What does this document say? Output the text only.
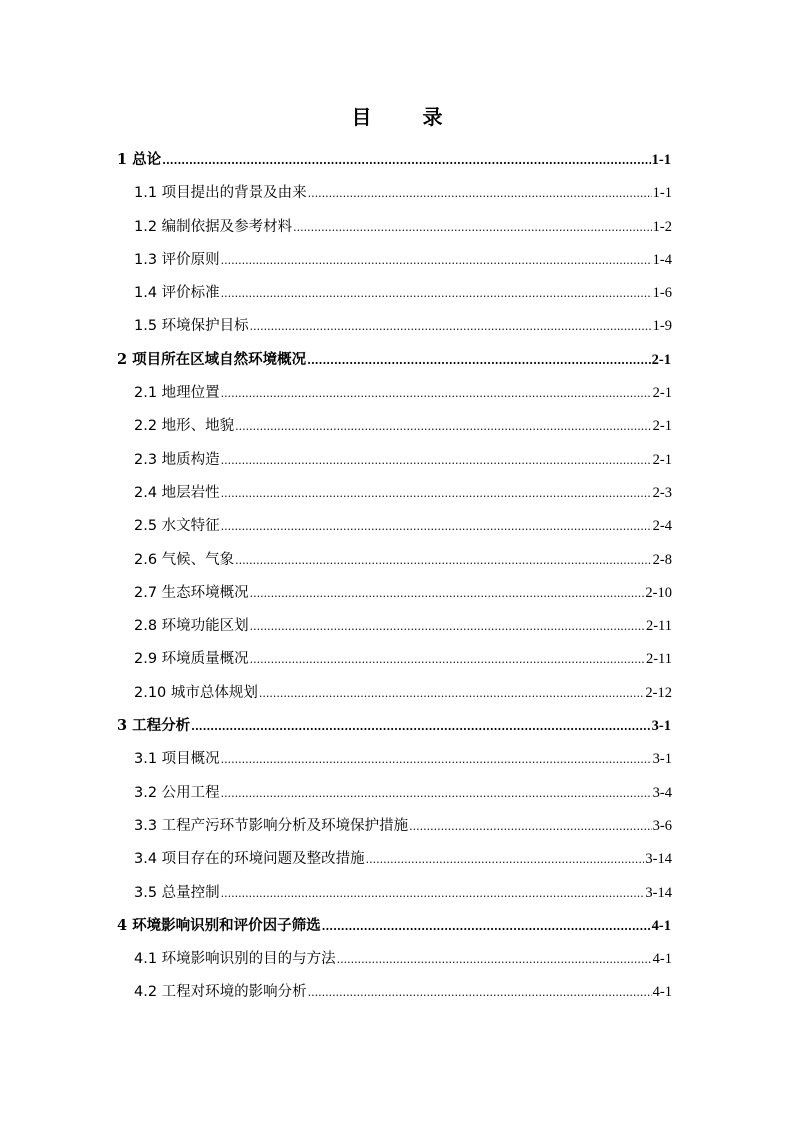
目 录
1 总论 .....	1-1
1.1 项目提出的背景及由来 .....	1-1
1.2 编制依据及参考材料 .....	1-2
1.3 评价原则 .....	1-4
1.4 评价标准 .....	1-6
1.5 环境保护目标 .....	1-9
2 项目所在区域自然环境概况 .....	2-1
2.1 地理位置 .....	2-1
2.2 地形、地貌 .....	2-1
2.3 地质构造 .....	2-1
2.4 地层岩性 .....	2-3
2.5 水文特征 .....	2-4
2.6 气候、气象 .....	2-8
2.7 生态环境概况 .....	2-10
2.8 环境功能区划 .....	2-11
2.9 环境质量概况 .....	2-11
2.10 城市总体规划 .....	2-12
3 工程分析 .....	3-1
3.1 项目概况 .....	3-1
3.2 公用工程 .....	3-4
3.3 工程产污环节影响分析及环境保护措施 .....	3-6
3.4 项目存在的环境问题及整改措施 .....	3-14
3.5 总量控制 .....	3-14
4 环境影响识别和评价因子筛选 .....	4-1
4.1 环境影响识别的目的与方法 .....	4-1
4.2 工程对环境的影响分析 .....	4-1
